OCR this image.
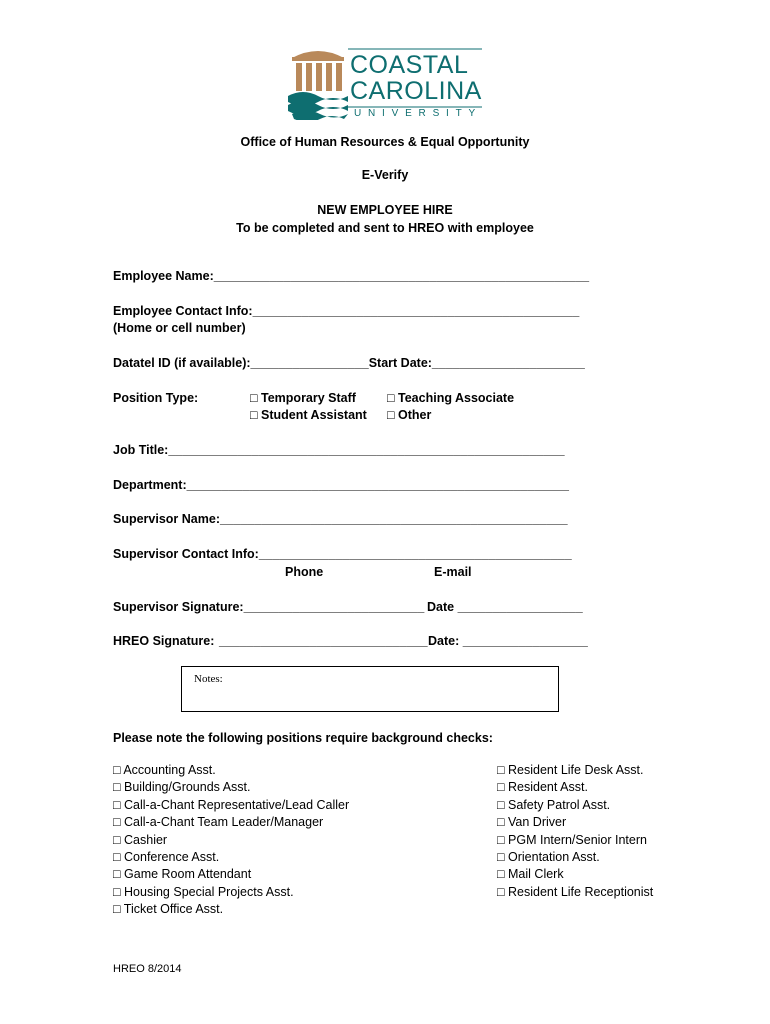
COASTAL
CAROLINA
UNIVERSITY
Office of Human Resources & Equal Opportunity
E-Verify
NEW EMPLOYEE HIRE
To be completed and sent to HREO with employee
Employee Name:______________________________________________________
Employee Contact Info:_______________________________________________
(Home or cell number)
Datatel ID (if available):_________________Start Date:______________________
Position Type:	□ Temporary Staff
□ Student Assistant
□ Teaching Associate
□ Other
Job Title:_________________________________________________________
Department:_______________________________________________________
Supervisor Name:__________________________________________________
Supervisor Contact Info:_____________________________________________
Phone	E-mail
Supervisor Signature:__________________________ Date __________________
HREO Signature: ______________________________ Date: __________________
Notes:
Please note the following positions require background checks:
□ Accounting Asst.
□ Building/Grounds Asst.
□ Call-a-Chant Representative/Lead Caller
□ Call-a-Chant Team Leader/Manager
□ Cashier
□ Conference Asst.
□ Game Room Attendant
□ Housing Special Projects Asst.
□ Ticket Office Asst.
□ Resident Life Desk Asst.
□ Resident Asst.
□ Safety Patrol Asst.
□ Van Driver
□ PGM Intern/Senior Intern
□ Orientation Asst.
□ Mail Clerk
□ Resident Life Receptionist
HREO 8/2014
